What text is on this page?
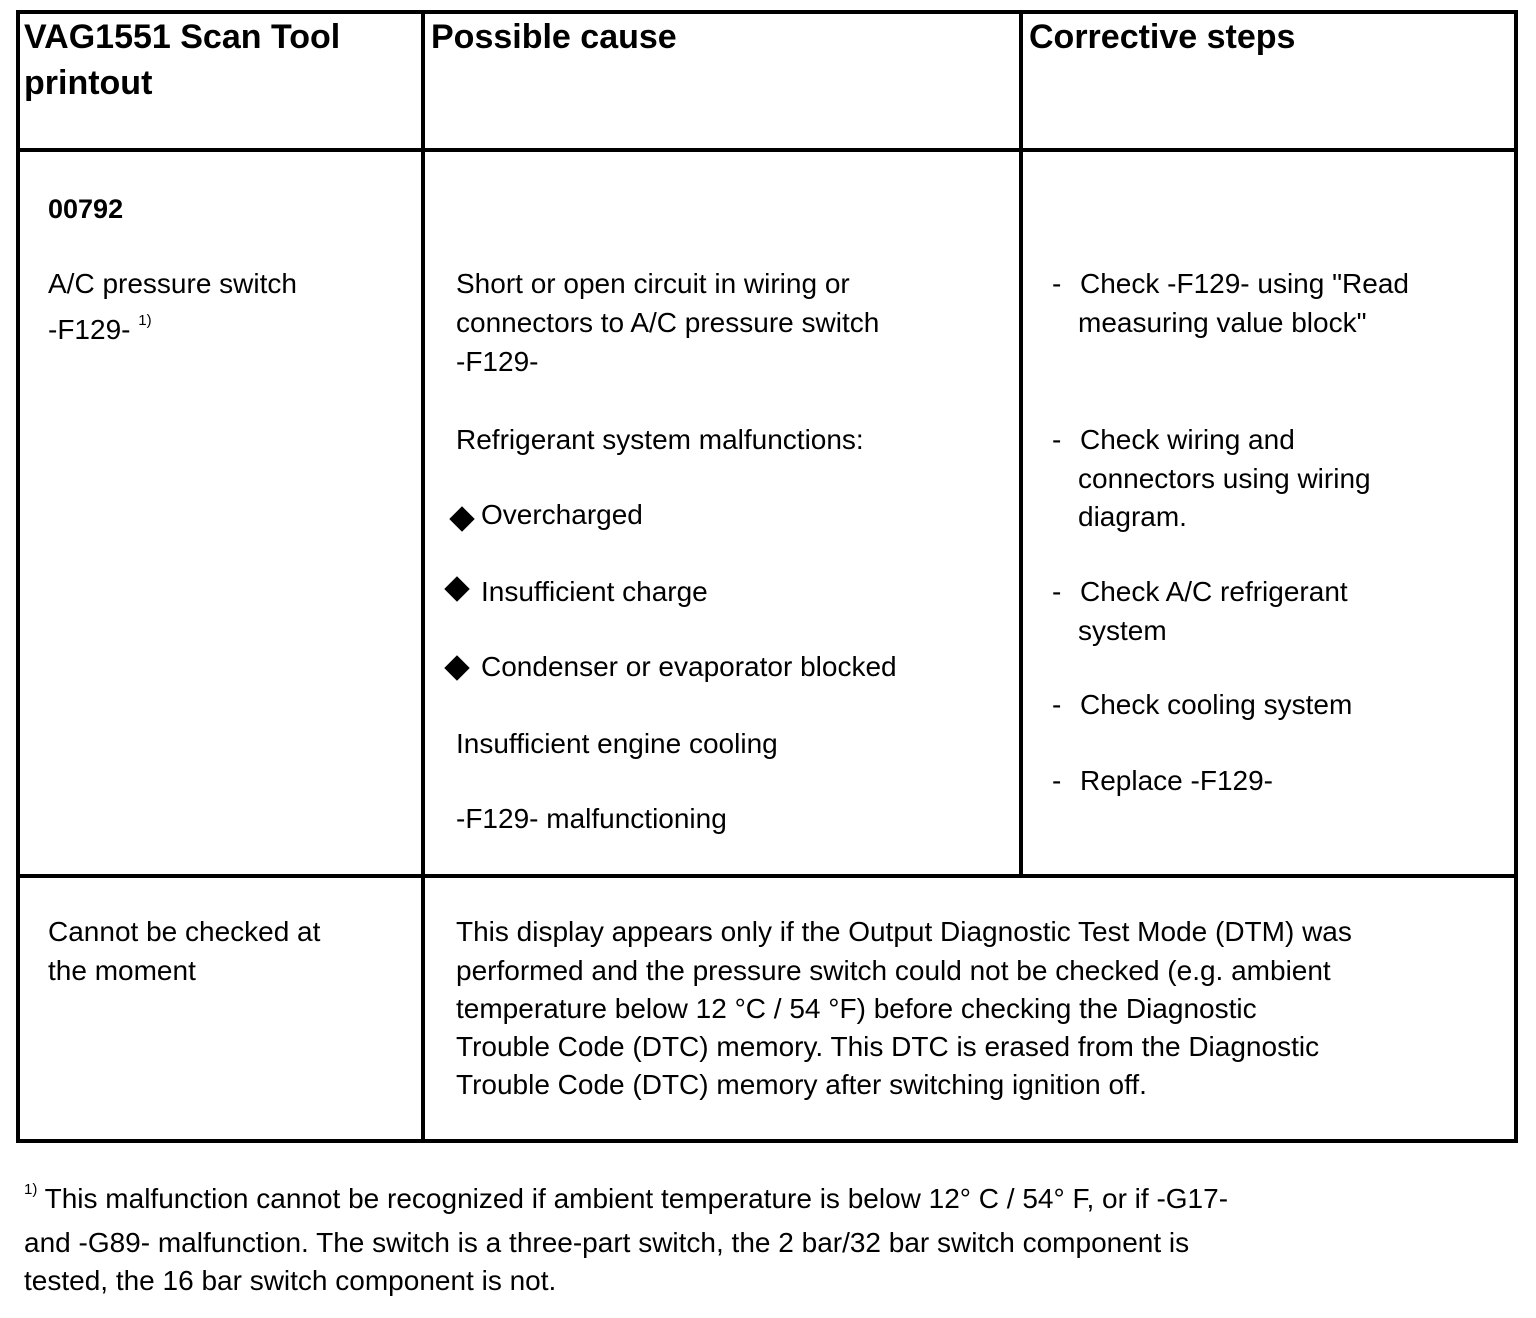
VAG1551 Scan Tool
printout
Possible cause	Corrective steps
00792
A/C pressure switch
-F129- $^{1)}$
Short or open circuit in wiring or
connectors to A/C pressure switch
-F129-
Refrigerant system malfunctions:
Overcharged
Insufficient charge
Condenser or evaporator blocked
Insufficient engine cooling
-F129- malfunctioning
- Check -F129- using "Read
measuring value block"
- Check wiring and
connectors using wiring
diagram.
- Check A/C refrigerant
system
- Check cooling system
- Replace -F129-
Cannot be checked at
the moment
This display appears only if the Output Diagnostic Test Mode (DTM) was
performed and the pressure switch could not be checked (e.g. ambient
temperature below 12 °C / 54 °F) before checking the Diagnostic
Trouble Code (DTC) memory. This DTC is erased from the Diagnostic
Trouble Code (DTC) memory after switching ignition off.
$^{1)}$ This malfunction cannot be recognized if ambient temperature is below 12° C / 54° F, or if -G17-
and -G89- malfunction. The switch is a three-part switch, the 2 bar/32 bar switch component is
tested, the 16 bar switch component is not.
